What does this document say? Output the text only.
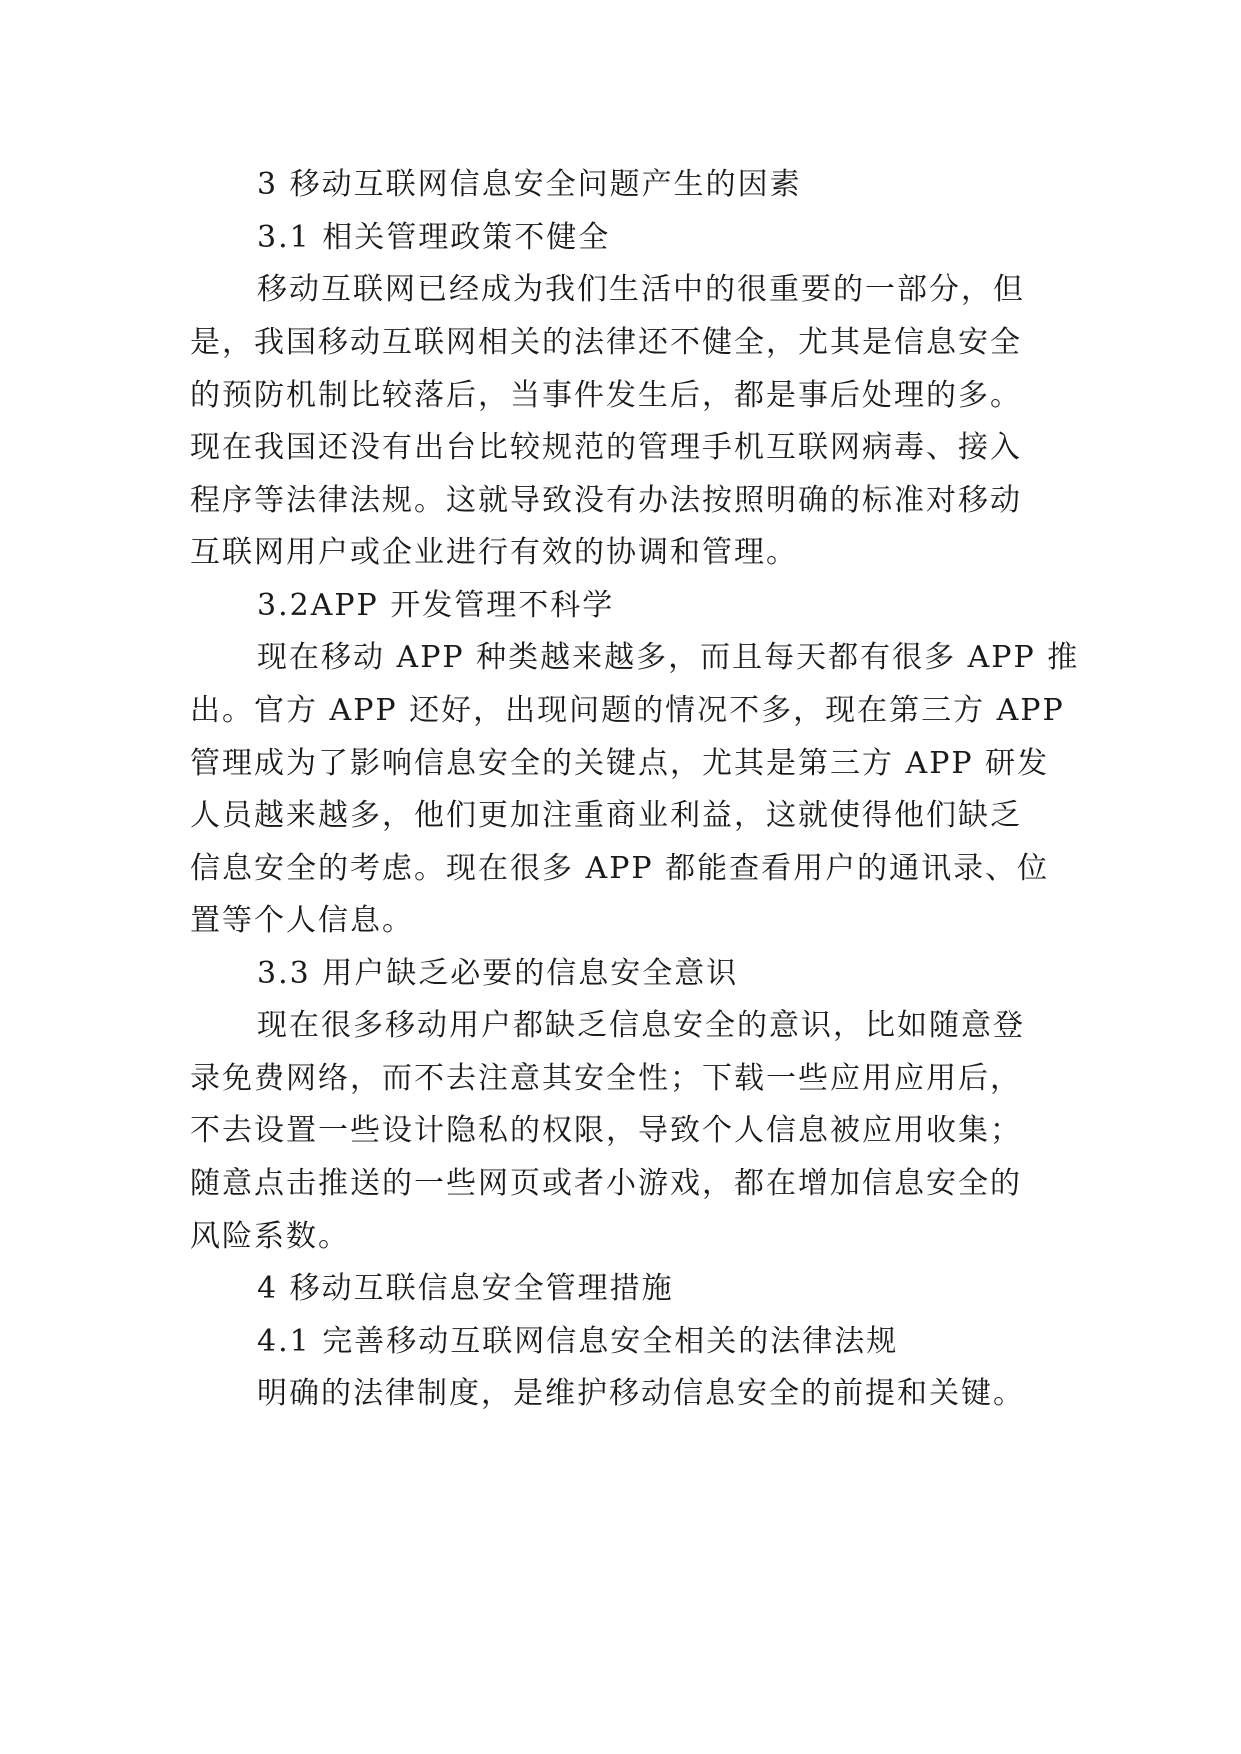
3 移动互联网信息安全问题产生的因素
3.1 相关管理政策不健全
移动互联网已经成为我们生活中的很重要的一部分，但
是，我国移动互联网相关的法律还不健全，尤其是信息安全
的预防机制比较落后，当事件发生后，都是事后处理的多。
现在我国还没有出台比较规范的管理手机互联网病毒、接入
程序等法律法规。这就导致没有办法按照明确的标准对移动
互联网用户或企业进行有效的协调和管理。
3.2APP 开发管理不科学
现在移动 APP 种类越来越多，而且每天都有很多 APP 推
出。官方 APP 还好，出现问题的情况不多，现在第三方 APP
管理成为了影响信息安全的关键点，尤其是第三方 APP 研发
人员越来越多，他们更加注重商业利益，这就使得他们缺乏
信息安全的考虑。现在很多 APP 都能查看用户的通讯录、位
置等个人信息。
3.3 用户缺乏必要的信息安全意识
现在很多移动用户都缺乏信息安全的意识，比如随意登
录免费网络，而不去注意其安全性；下载一些应用应用后，
不去设置一些设计隐私的权限，导致个人信息被应用收集；
随意点击推送的一些网页或者小游戏，都在增加信息安全的
风险系数。
4 移动互联信息安全管理措施
4.1 完善移动互联网信息安全相关的法律法规
明确的法律制度，是维护移动信息安全的前提和关键。
